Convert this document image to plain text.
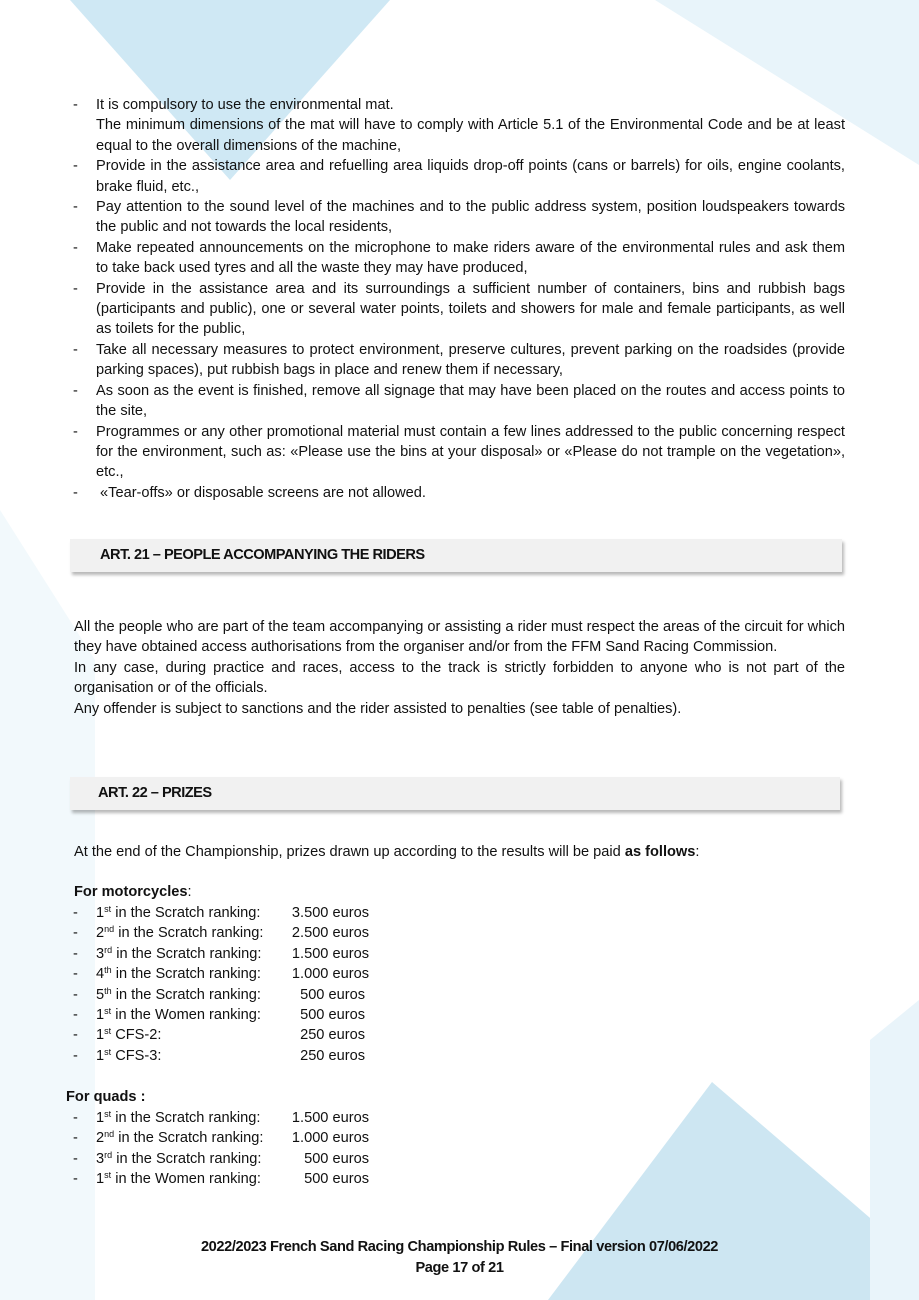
- It is compulsory to use the environmental mat.
The minimum dimensions of the mat will have to comply with Article 5.1 of the Environmental Code and be at least equal to the overall dimensions of the machine,
- Provide in the assistance area and refuelling area liquids drop-off points (cans or barrels) for oils, engine coolants, brake fluid, etc.,
- Pay attention to the sound level of the machines and to the public address system, position loudspeakers towards the public and not towards the local residents,
- Make repeated announcements on the microphone to make riders aware of the environmental rules and ask them to take back used tyres and all the waste they may have produced,
- Provide in the assistance area and its surroundings a sufficient number of containers, bins and rubbish bags (participants and public), one or several water points, toilets and showers for male and female participants, as well as toilets for the public,
- Take all necessary measures to protect environment, preserve cultures, prevent parking on the roadsides (provide parking spaces), put rubbish bags in place and renew them if necessary,
- As soon as the event is finished, remove all signage that may have been placed on the routes and access points to the site,
- Programmes or any other promotional material must contain a few lines addressed to the public concerning respect for the environment, such as: «Please use the bins at your disposal» or «Please do not trample on the vegetation», etc.,
- «Tear-offs» or disposable screens are not allowed.
ART. 21 – PEOPLE ACCOMPANYING THE RIDERS
All the people who are part of the team accompanying or assisting a rider must respect the areas of the circuit for which they have obtained access authorisations from the organiser and/or from the FFM Sand Racing Commission.
In any case, during practice and races, access to the track is strictly forbidden to anyone who is not part of the organisation or of the officials.
Any offender is subject to sanctions and the rider assisted to penalties (see table of penalties).
ART. 22 – PRIZES
At the end of the Championship, prizes drawn up according to the results will be paid as follows:
For motorcycles:
- 1st in the Scratch ranking:	3.500 euros
- 2nd in the Scratch ranking:	2.500 euros
- 3rd in the Scratch ranking:	1.500 euros
- 4th in the Scratch ranking:	1.000 euros
- 5th in the Scratch ranking:	500 euros
- 1st in the Women ranking:	500 euros
- 1st CFS-2:	250 euros
- 1st CFS-3:	250 euros
For quads :
- 1st in the Scratch ranking:	1.500 euros
- 2nd in the Scratch ranking:	1.000 euros
- 3rd in the Scratch ranking:	500 euros
- 1st in the Women ranking:	500 euros
2022/2023 French Sand Racing Championship Rules – Final version 07/06/2022
Page 17 of 21
